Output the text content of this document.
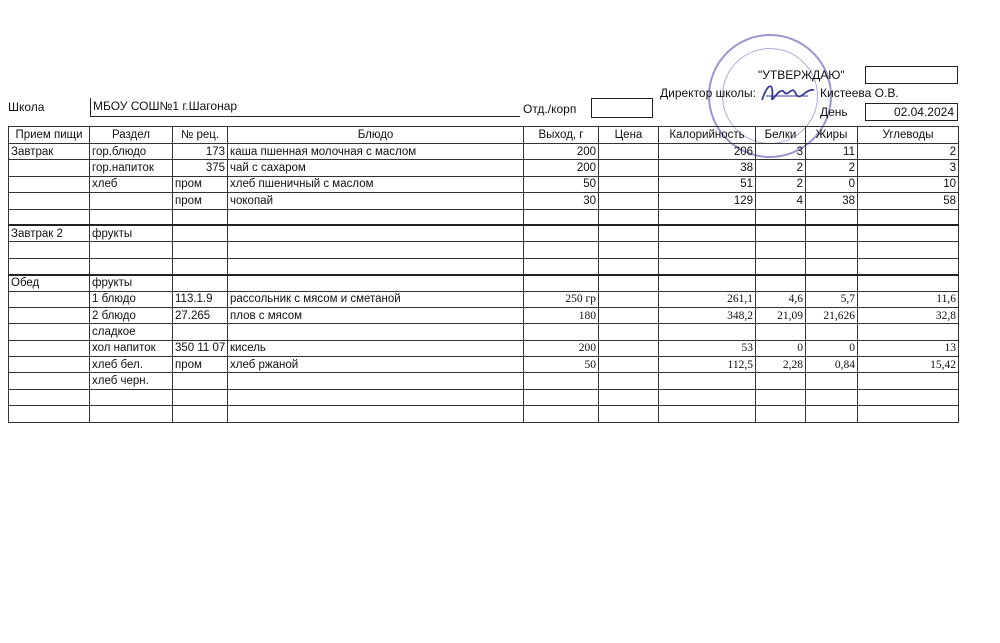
"УТВЕРЖДАЮ"
Директор школы:	Кистеева О.В.
Школа	МБОУ СОШ№1 г.Шагонар	Отд./корп	День	02.04.2024
Прием пищи	Раздел	№ рец.	Блюдо	Выход, г	Цена	Калорийность	Белки	Жиры	Углеводы
Завтрак	гор.блюдо	173	каша пшенная молочная с маслом	200		206	3	11	2
	гор.напиток	375	чай с сахаром	200		38	2	2	3
	хлеб	пром	хлеб пшеничный с маслом	50		51	2	0	10
		пром	чокопай	30		129	4	38	58

Завтрак 2	фрукты								

Обед	фрукты								
	1 блюдо	113.1.9	рассольник с мясом и сметаной	250 гр		261,1	4,6	5,7	11,6
	2 блюдо	27.265	плов с мясом	180		348,2	21,09	21,626	32,8
	сладкое								
	хол напиток	350 11 07	кисель	200		53	0	0	13
	хлеб бел.	пром	хлеб ржаной	50		112,5	2,28	0,84	15,42
	хлеб черн.								
